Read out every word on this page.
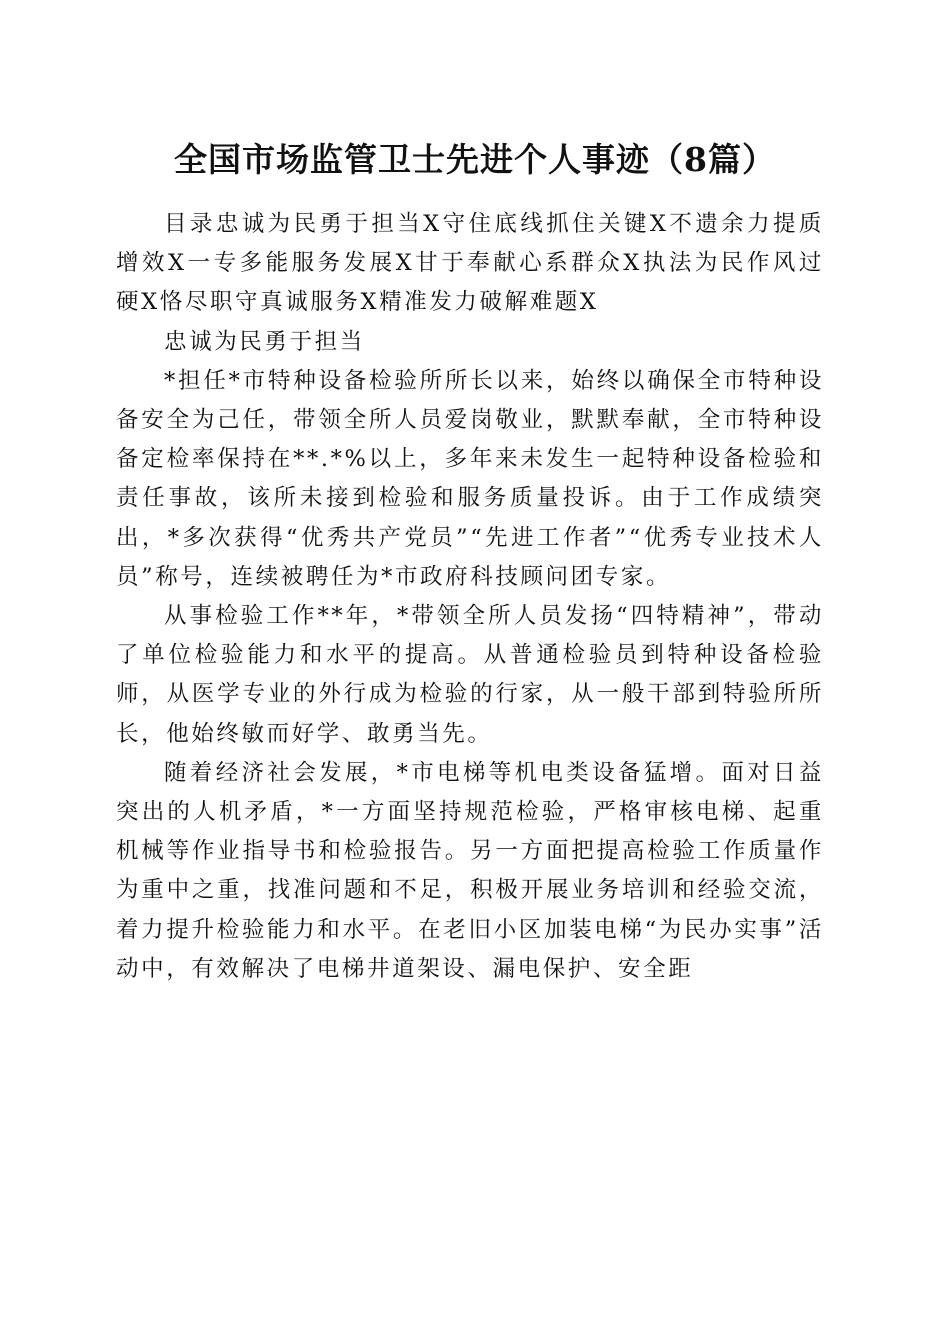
全国市场监管卫士先进个人事迹（8篇）

目录忠诚为民勇于担当X守住底线抓住关键X不遗余力提质增效X一专多能服务发展X甘于奉献心系群众X执法为民作风过硬X恪尽职守真诚服务X精准发力破解难题X

忠诚为民勇于担当

*担任*市特种设备检验所所长以来，始终以确保全市特种设备安全为己任，带领全所人员爱岗敬业，默默奉献，全市特种设备定检率保持在**.*%以上，多年来未发生一起特种设备检验和责任事故，该所未接到检验和服务质量投诉。由于工作成绩突出，*多次获得“优秀共产党员”“先进工作者”“优秀专业技术人员”称号，连续被聘任为*市政府科技顾问团专家。

从事检验工作**年，*带领全所人员发扬“四特精神”，带动了单位检验能力和水平的提高。从普通检验员到特种设备检验师，从医学专业的外行成为检验的行家，从一般干部到特验所所长，他始终敏而好学、敢勇当先。

随着经济社会发展，*市电梯等机电类设备猛增。面对日益突出的人机矛盾，*一方面坚持规范检验，严格审核电梯、起重机械等作业指导书和检验报告。另一方面把提高检验工作质量作为重中之重，找准问题和不足，积极开展业务培训和经验交流，着力提升检验能力和水平。在老旧小区加装电梯“为民办实事”活动中，有效解决了电梯井道架设、漏电保护、安全距
